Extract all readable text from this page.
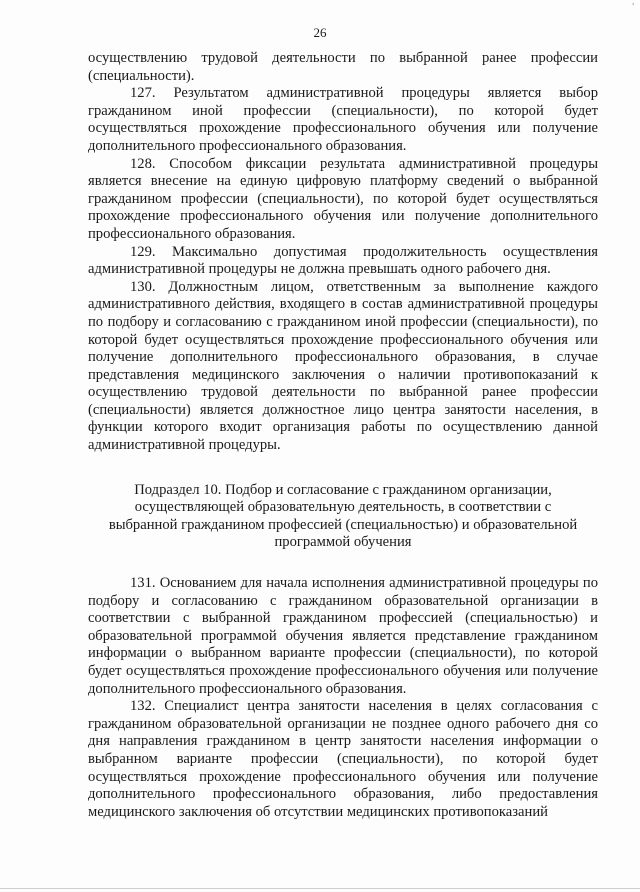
'
26

осуществлению трудовой деятельности по выбранной ранее профессии (специальности).

127. Результатом административной процедуры является выбор гражданином иной профессии (специальности), по которой будет осуществляться прохождение профессионального обучения или получение дополнительного профессионального образования.

128. Способом фиксации результата административной процедуры является внесение на единую цифровую платформу сведений о выбранной гражданином профессии (специальности), по которой будет осуществляться прохождение профессионального обучения или получение дополнительного профессионального образования.

129. Максимально допустимая продолжительность осуществления административной процедуры не должна превышать одного рабочего дня.

130. Должностным лицом, ответственным за выполнение каждого административного действия, входящего в состав административной процедуры по подбору и согласованию с гражданином иной профессии (специальности), по которой будет осуществляться прохождение профессионального обучения или получение дополнительного профессионального образования, в случае представления медицинского заключения о наличии противопоказаний к осуществлению трудовой деятельности по выбранной ранее профессии (специальности) является должностное лицо центра занятости населения, в функции которого входит организация работы по осуществлению данной административной процедуры.

Подраздел 10. Подбор и согласование с гражданином организации, осуществляющей образовательную деятельность, в соответствии с выбранной гражданином профессией (специальностью) и образовательной программой обучения

131. Основанием для начала исполнения административной процедуры по подбору и согласованию с гражданином образовательной организации в соответствии с выбранной гражданином профессией (специальностью) и образовательной программой обучения является представление гражданином информации о выбранном варианте профессии (специальности), по которой будет осуществляться прохождение профессионального обучения или получение дополнительного профессионального образования.

132. Специалист центра занятости населения в целях согласования с гражданином образовательной организации не позднее одного рабочего дня со дня направления гражданином в центр занятости населения информации о выбранном варианте профессии (специальности), по которой будет осуществляться прохождение профессионального обучения или получение дополнительного профессионального образования, либо предоставления медицинского заключения об отсутствии медицинских противопоказаний
